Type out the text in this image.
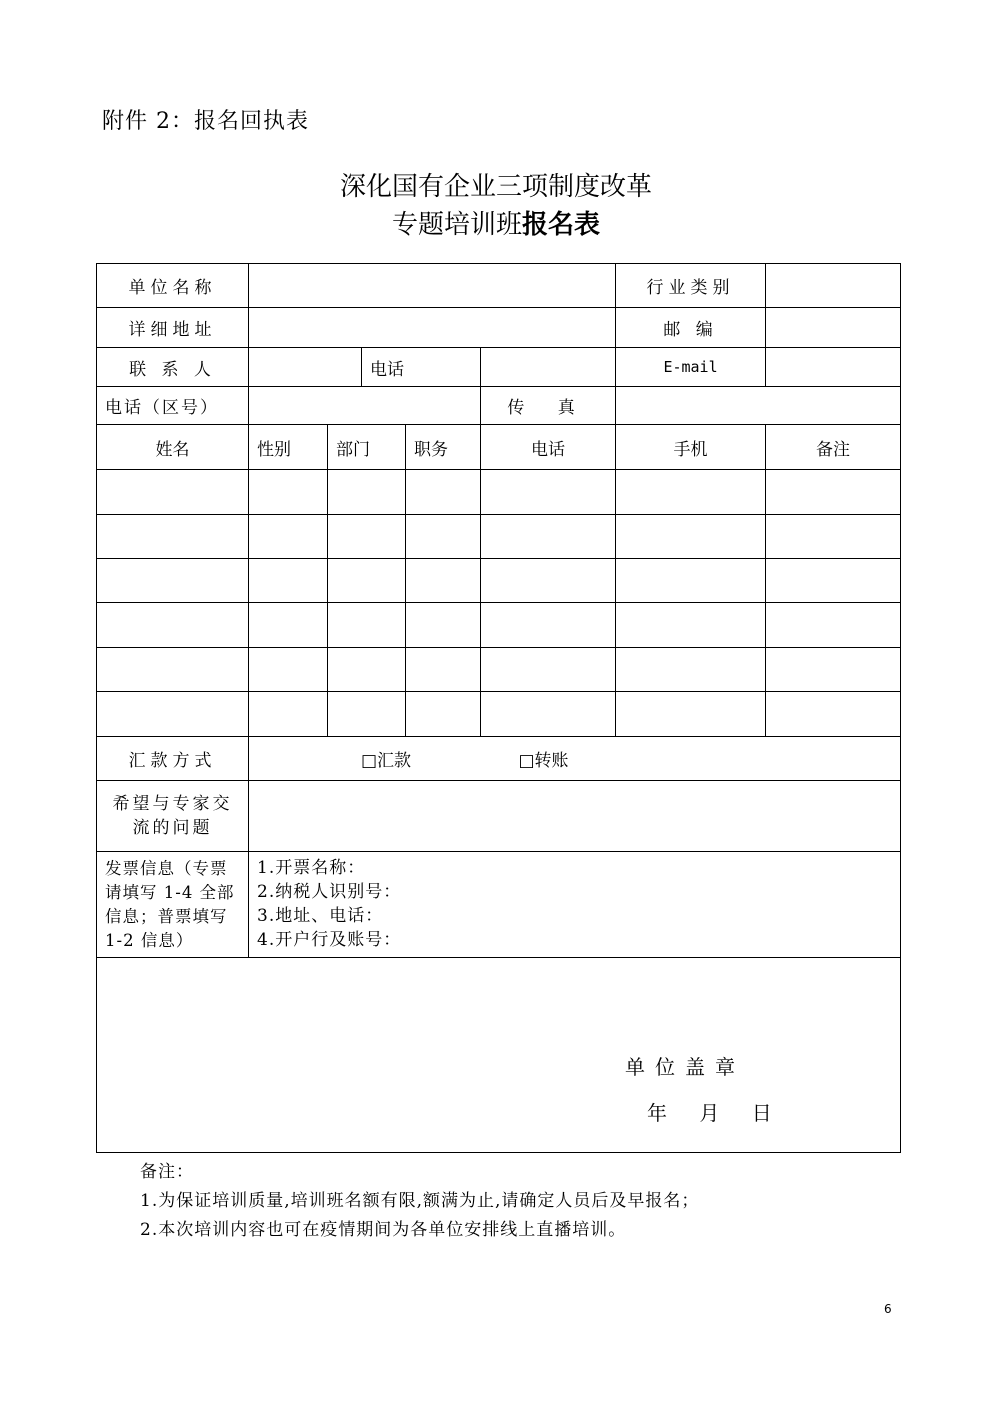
附件 2：报名回执表
深化国有企业三项制度改革
专题培训班报名表
单位名称						行业类别	
详细地址						邮 编	
联 系 人			电话			E-mail	
电话（区号）					传 真		
姓名	性别	部门		职务	电话	手机	备注

汇款方式	□汇款 □转账						
希望与专家交流的问题							
发票信息（专票请填写 1-4 全部信息；普票填写 1-2 信息）	1.开票名称：
2.纳税人识别号：
3.地址、电话：
4.开户行及账号：						

单位盖章
年 月 日							
备注：
1.为保证培训质量,培训班名额有限,额满为止,请确定人员后及早报名；
2.本次培训内容也可在疫情期间为各单位安排线上直播培训。
6
